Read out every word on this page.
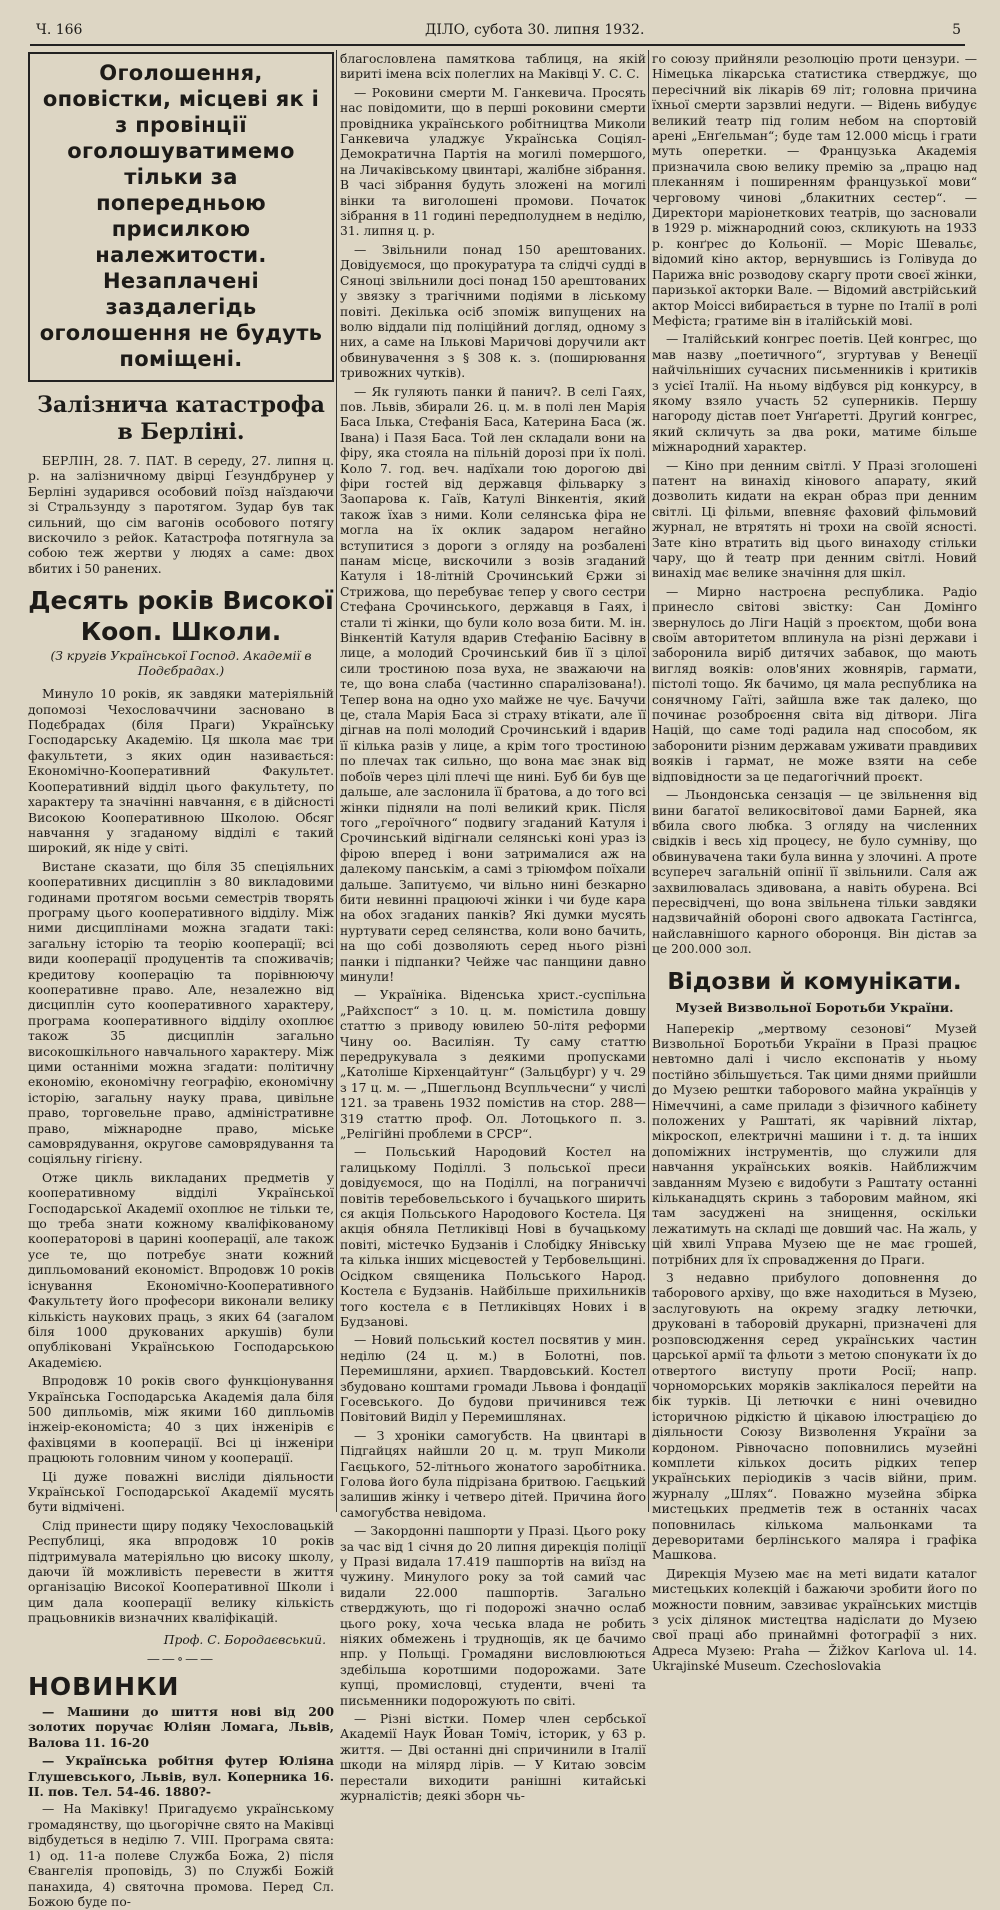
Ч. 166	ДІЛО, субота 30. липня 1932.	5
Оголошення, оповістки, місцеві як і з провінції оголошуватимемо тільки за попередньою присилкою належитости. Незаплачені заздалегідь оголошення не будуть поміщені.
Залізнича катастрофа в Берліні.

БЕРЛІН, 28. 7. ПАТ. В середу, 27. липня ц. р. на залізничному двірці Ґезундбрунер у Берліні зударився особовий поїзд наїздаючи зі Стральзунду з паротягом. Зудар був так сильний, що сім вагонів особового потягу вискочило з рейок. Катастрофа потягнула за собою теж жертви у людях а саме: двох вбитих і 50 ранених.

Десять років Високої Кооп. Школи.

(З кругів Української Господ. Академії в Подєбрадах.)

Минуло 10 років, як завдяки матеріяльній допомозі Чехословаччини засновано в Подєбрадах (біля Праги) Українську Господарську Академію. Ця школа має три факультети, з яких один називається: Економічно-Кооперативний Факультет. Кооперативний відділ цього факультету, по характеру та значінні навчання, є в дійсності Високою Кооперативною Школою. Обсяг навчання у згаданому відділі є такий широкий, як ніде у світі.

Вистане сказати, що біля 35 спеціяльних кооперативних дисциплін з 80 викладовими годинами протягом восьми семестрів творять програму цього кооперативного відділу. Між ними дисциплінами можна згадати такі: загальну історію та теорію кооперації; всі види кооперації продуцентів та споживачів; кредитову кооперацію та порівнюючу кооперативне право. Але, незалежно від дисциплін суто кооперативного характеру, програма кооперативного відділу охоплює також 35 дисциплін загально високошкільного навчального характеру. Між цими останніми можна згадати: політичну економію, економічну географію, економічну історію, загальну науку права, цивільне право, торговельне право, адміністративне право, міжнародне право, міське самоврядування, округове самоврядування та соціяльну гігієну.

Отже цикль викладаних предметів у кооперативному відділі Української Господарської Академії охоплює не тільки те, що треба знати кожному кваліфікованому кооператорові в царині кооперації, але також усе те, що потребує знати кожний дипльомований економіст. Впродовж 10 років існування Економічно-Кооперативного Факультету його професори виконали велику кількість наукових праць, з яких 64 (загалом біля 1000 друкованих аркушів) були опубліковані Українською Господарською Академією.

Впродовж 10 років свого функціонування Українська Господарська Академія дала біля 500 дипльомів, між якими 160 дипльомів інжеір-економіста; 40 з цих інженірів є фахівцями в кооперації. Всі ці інженіри працюють головним чином у кооперації.

Ці дуже поважні висліди діяльности Української Господарської Академії мусять бути відмічені.

Слід принести щиру подяку Чехословацькій Республиці, яка впродовж 10 років підтримувала матеріяльно цю високу школу, даючи їй можливість перевести в життя організацію Високої Кооперативної Школи і цим дала кооперації велику кількість працьовників визначних кваліфікацій.

Проф. С. Бородаєвський.

——∘——
НОВИНКИ

— Машини до шиття нові від 200 золотих поручає Юліян Ломага, Львів, Валова 11. 16-20

— Українська робітня футер Юліяна Глушевського, Львів, вул. Коперника 16. II. пов. Тел. 54-46. 1880?-

— На Маківку! Пригадуємо українському громадянству, що цьогорічне свято на Маківці відбудеться в неділю 7. VIII. Програма свята: 1) од. 11-а полеве Служба Божа, 2) після Євангелія проповідь, 3) по Службі Божій панахида, 4) святочна промова. Перед Сл. Божою буде по-

благословлена памяткова таблиця, на якій вириті імена всіх полеглих на Маківці У. С. С.

— Роковини смерти М. Ганкевича. Просять нас повідомити, що в перші роковини смерти провідника українського робітництва Миколи Ганкевича уладжує Українська Соціял-Демократична Партія на могилі помершого, на Личаківському цвинтарі, жалібне зібрання. В часі зібрання будуть зложені на могилі вінки та виголошені промови. Початок зібрання в 11 годині передполуднем в неділю, 31. липня ц. р.

— Звільнили понад 150 арештованих. Довідуємося, що прокуратура та слідчі судді в Сяноці звільнили досі понад 150 арештованих у звязку з трагічними подіями в ліському повіті. Декілька осіб зпоміж випущених на волю віддали під поліційний догляд, одному з них, а саме на Ількові Маричові доручили акт обвинувачення з § 308 к. з. (поширювання тривожних чутків).

— Як гуляють панки й панич?. В селі Гаях, пов. Львів, збирали 26. ц. м. в полі лен Марія Баса Ілька, Стефанія Баса, Катерина Баса (ж. Івана) і Пазя Баса. Той лен складали вони на фіру, яка стояла на пільній дорозі при їх полі. Коло 7. год. веч. надїхали тою дорогою дві фіри гостей від державця фільварку з Заопарова к. Гаїв, Катулі Вінкентія, який також їхав з ними. Коли селянська фіра не могла на їх оклик задаром негайно вступитися з дороги з огляду на розбалені панам місце, вискочили з возів згаданий Катуля і 18-літній Срочинський Єржи зі Стрижова, що перебуває тепер у свого сестри Стефана Срочинського, державця в Гаях, і стали ті жінки, що були коло воза бити. М. ін. Вінкентій Катуля вдарив Стефанію Басівну в лице, а молодий Срочинський бив її з цілої сили тростиною поза вуха, не зважаючи на те, що вона слаба (частинно спаралізована!). Тепер вона на одно ухо майже не чує. Бачучи це, стала Марія Баса зі страху втікати, але її дігнав на полі молодий Срочинський і вдарив її кілька разів у лице, а крім того тростиною по плечах так сильно, що вона має знак від побоїв через цілі плечі ще нині. Буб би був ще дальше, але заслонила її братова, а до того всі жінки підняли на полі великий крик. Після того „героїчного“ подвигу згаданий Катуля і Срочинський відігнали селянські коні ураз із фірою вперед і вони затрималися аж на далекому панськім, а самі з тріюмфом поїхали дальше. Запитуємо, чи вільно нині безкарно бити невинні працюючі жінки і чи буде кара на обох згаданих панків? Які думки мусять нуртувати серед селянства, коли воно бачить, на що собі дозволяють серед нього різні панки і підпанки? Чейже час панщини давно минули!

— Україніка. Віденська христ.-суспільна „Райхспост“ з 10. ц. м. помістила довшу статтю з приводу ювилею 50-літя реформи Чину оо. Василіян. Ту саму статтю передрукувала з деякими пропусками „Католіше Кірхенцайтунг“ (Зальцбург) у ч. 29 з 17 ц. м. — „Пшегльонд Всупльчесни“ у числі 121. за травень 1932 помістив на стор. 288—319 статтю проф. Ол. Лотоцького п. з. „Релігійні проблеми в СРСР“.

— Польський Народовий Костел на галицькому Поділлі. З польської преси довідуємося, що на Поділлі, на пограниччі повітів теребовельського і бучацького ширить ся акція Польського Народового Костела. Ця акція обняла Петликівці Нові в бучацькому повіті, містечко Будзанів і Слобідку Янівську та кілька інших місцевостей у Тербовельщині. Осідком священика Польського Народ. Костела є Будзанів. Найбільше прихильників того костела є в Петликівцях Нових і в Будзанові.

— Новий польський костел посвятив у мин. неділю (24 ц. м.) в Болотні, пов. Перемишляни, архиєп. Твардовський. Костел збудовано коштами громади Львова і фондації Госевського. До будови причинився теж Повітовий Виділ у Перемишлянах.

— З хроніки самогубств. На цвинтарі в Підгайцях найшли 20 ц. м. труп Миколи Гаєцького, 52-літнього жонатого заробітника. Голова його була підрізана бритвою. Гаєцький залишив жінку і четверо дітей. Причина його самогубства невідома.

— Закордонні пашпорти у Празі. Цього року за час від 1 січня до 20 липня дирекція поліції у Празі видала 17.419 пашпортів на виїзд на чужину. Минулого року за той самий час видали 22.000 пашпортів. Загально стверджують, що гі подорожі значно ослаб цього року, хоча чеська влада не робить ніяких обмежень і труднощів, як це бачимо нпр. у Польщі. Громадяни висловлюються здебільша коротшими подорожами. Зате купці, промисловці, студенти, вчені та письменники подорожують по світі.

— Різні вістки. Помер член сербської Академії Наук Йован Томіч, історик, у 63 р. життя. — Дві останні дні спричинили в Італії шкоди на мілярд лірів. — У Китаю зовсім перестали виходити ранішні китайські журналістів; деякі зборн чь-

го союзу прийняли резолюцію проти цензури. — Німецька лікарська статистика стверджує, що пересічний вік лікарів 69 літ; головна причина їхньої смерти зарзвлиі недуги. — Відень вибудує великий театр під голим небом на спортовій арені „Енґельман“; буде там 12.000 місць і грати муть оперетки. — Французька Академія призначила свою велику премію за „працю над плеканням і поширенням французької мови“ черговому чинові „блакитних сестер“. — Директори маріонеткових театрів, що засновали в 1929 р. міжнародний союз, скликують на 1933 р. конґрес до Кольонії. — Моріс Шевальє, відомий кіно актор, вернувшись із Голівуда до Парижа вніс розводову скаргу проти своєї жінки, паризької акторки Вале. — Відомий австрійський актор Моіссі вибирається в турне по Італії в ролі Мефіста; гратиме він в італійській мові.

— Італійський конгрес поетів. Цей конгрес, що мав назву „поетичного“, згуртував у Венеції найчільніших сучасних письменників і критиків з усієї Італії. На ньому відбувся рід конкурсу, в якому взяло участь 52 суперників. Першу нагороду дістав поет Унґаретті. Другий конгрес, який скличуть за два роки, матиме більше міжнародний характер.

— Кіно при денним світлі. У Празі зголошені патент на винахід кінового апарату, який дозволить кидати на екран образ при денним світлі. Ці фільми, впевняє фаховий фільмовий журнал, не втрятять ні трохи на своїй ясності. Зате кіно втратить від цього винаходу стільки чару, що й театр при денним світлі. Новий винахід має велике значіння для шкіл.

— Мирно настроєна республика. Радіо принесло світові звістку: Сан Домінго звернулось до Ліги Націй з проєктом, щоби вона своїм авторитетом вплинула на різні держави і заборонила виріб дитячих забавок, що мають вигляд вояків: олов'яних жовнярів, гармати, пістолі тощо. Як бачимо, ця мала республика на сонячному Гаїті, зайшла вже так далеко, що починає розоброєння світа від дітвори. Ліга Націй, що саме тоді радила над способом, як заборонити різним державам уживати правдивих вояків і гармат, не може взяти на себе відповідности за це педагогічний проєкт.

— Льондонська сензація — це звільнення від вини багатої великосвітової дами Барней, яка вбила свого любка. З огляду на численних свідків і весь хід процесу, не було сумніву, що обвинувачена таки була винна у злочині. А проте всупереч загальній опінії її звільнили. Саля аж захвилювалась здивована, а навіть обурена. Всі пересвідчені, що вона звільнена тільки завдяки надзвичайній обороні свого адвоката Гастінгса, найславнішого карного оборонця. Він дістав за це 200.000 зол.

Відозви й комунікати.

Музей Визвольної Боротьби України.

Наперекір „мертвому сезонові“ Музей Визвольної Боротьби України в Празі працює невтомно далі і число експонатів у ньому постійно збільшується. Так цими днями прийшли до Музею рештки таборового майна українців у Німеччині, а саме прилади з фізичного кабінету положених у Раштаті, як чарівний ліхтар, мікроскоп, електричні машини і т. д. та інших допоміжних інструментів, що служили для навчання українських вояків. Найближчим завданням Музею є видобути з Раштату останні кільканадцять скринь з таборовим майном, які там засуджені на знищення, оскільки лежатимуть на складі ще довший час. На жаль, у цій хвилі Управа Музею ще не має грошей, потрібних для їх спровадження до Праги.

З недавно прибулого доповнення до таборового архіву, що вже находиться в Музею, заслуговують на окрему згадку летючки, друковані в таборовій друкарні, призначені для розповсюдження серед українських частин царської армії та фльоти з метою спонукати їх до отвертого виступу проти Росії; напр. чорноморських моряків заклікалося перейти на бік турків. Ці летючки є нині очевидно історичною рідкістю й цікавою ілюстрацією до діяльности Союзу Визволення України за кордоном. Рівночасно поповнились музейні комплети кількох досить рідких тепер українських періодиків з часів війни, прим. журналу „Шлях“. Поважно музейна збірка мистецьких предметів теж в останніх часах поповнилась кількома мальонками та дереворитами берлінського маляра і графіка Машкова.

Дирекція Музею має на меті видати каталог мистецьких колекцій і бажаючи зробити його по можности повним, завзиває українських мистців з усіх ділянок мистецтва надіслати до Музею свої праці або принаймні фотографії з них. Адреса Музею: Praha — Žižkov Karlova ul. 14. Ukrajinské Museum. Czechoslovakia
